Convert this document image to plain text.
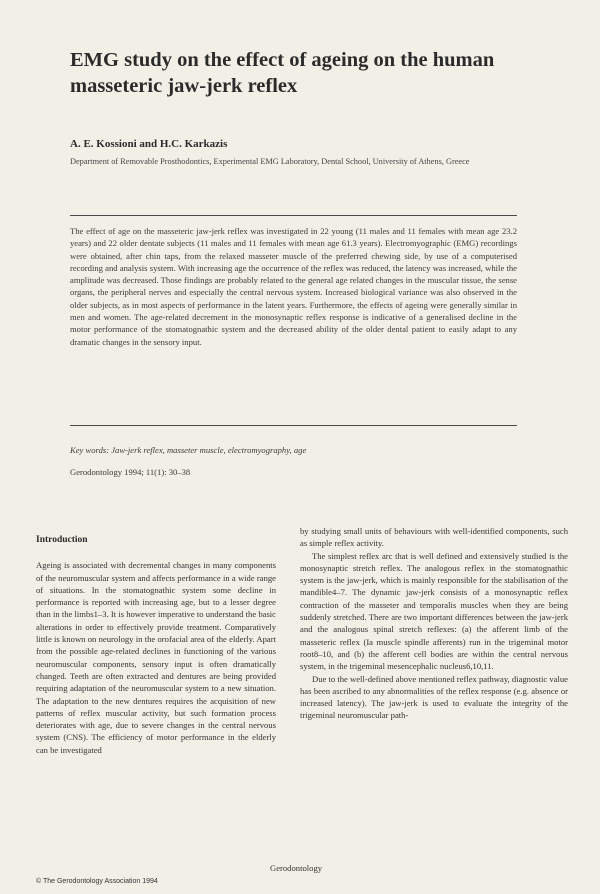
EMG study on the effect of ageing on the human masseteric jaw-jerk reflex
A. E. Kossioni and H.C. Karkazis
Department of Removable Prosthodontics, Experimental EMG Laboratory, Dental School, University of Athens, Greece
The effect of age on the masseteric jaw-jerk reflex was investigated in 22 young (11 males and 11 females with mean age 23.2 years) and 22 older dentate subjects (11 males and 11 females with mean age 61.3 years). Electromyographic (EMG) recordings were obtained, after chin taps, from the relaxed masseter muscle of the preferred chewing side, by use of a computerised recording and analysis system. With increasing age the occurrence of the reflex was reduced, the latency was increased, while the amplitude was decreased. Those findings are probably related to the general age related changes in the muscular tissue, the sense organs, the peripheral nerves and especially the central nervous system. Increased biological variance was also observed in the older subjects, as in most aspects of performance in the latent years. Furthermore, the effects of ageing were generally similar in men and women. The age-related decrement in the monosynaptic reflex response is indicative of a generalised decline in the motor performance of the stomatognathic system and the decreased ability of the older dental patient to easily adapt to any dramatic changes in the sensory input.
Key words: Jaw-jerk reflex, masseter muscle, electromyography, age
Gerodontology 1994; 11(1): 30–38
Introduction

Ageing is associated with decremental changes in many components of the neuromuscular system and affects performance in a wide range of situations. In the stomatognathic system some decline in performance is reported with increasing age, but to a lesser degree than in the limbs1–3. It is however imperative to understand the basic alterations in order to effectively provide treatment. Comparatively little is known on neurology in the orofacial area of the elderly. Apart from the possible age-related declines in functioning of the various neuromuscular components, sensory input is often dramatically changed. Teeth are often extracted and dentures are being provided requiring adaptation of the neuromuscular system to a new situation. The adaptation to the new dentures requires the acquisition of new patterns of reflex muscular activity, but such formation process deteriorates with age, due to severe changes in the central nervous system (CNS). The efficiency of motor performance in the elderly can be investigated

by studying small units of behaviours with well-identified components, such as simple reflex activity.

The simplest reflex arc that is well defined and extensively studied is the monosynaptic stretch reflex. The analogous reflex in the stomatognathic system is the jaw-jerk, which is mainly responsible for the stabilisation of the mandible4–7. The dynamic jaw-jerk consists of a monosynaptic reflex contraction of the masseter and temporalis muscles when they are being suddenly stretched. There are two important differences between the jaw-jerk and the analogous spinal stretch reflexes: (a) the afferent limb of the masseteric reflex (Ia muscle spindle afferents) run in the trigeminal motor root8–10, and (b) the afferent cell bodies are within the central nervous system, in the trigeminal mesencephalic nucleus6,10,11.

Due to the well-defined above mentioned reflex pathway, diagnostic value has been ascribed to any abnormalities of the reflex response (e.g. absence or increased latency). The jaw-jerk is used to evaluate the integrity of the trigeminal neuromuscular path-

Gerodontology
© The Gerodontology Association 1994
